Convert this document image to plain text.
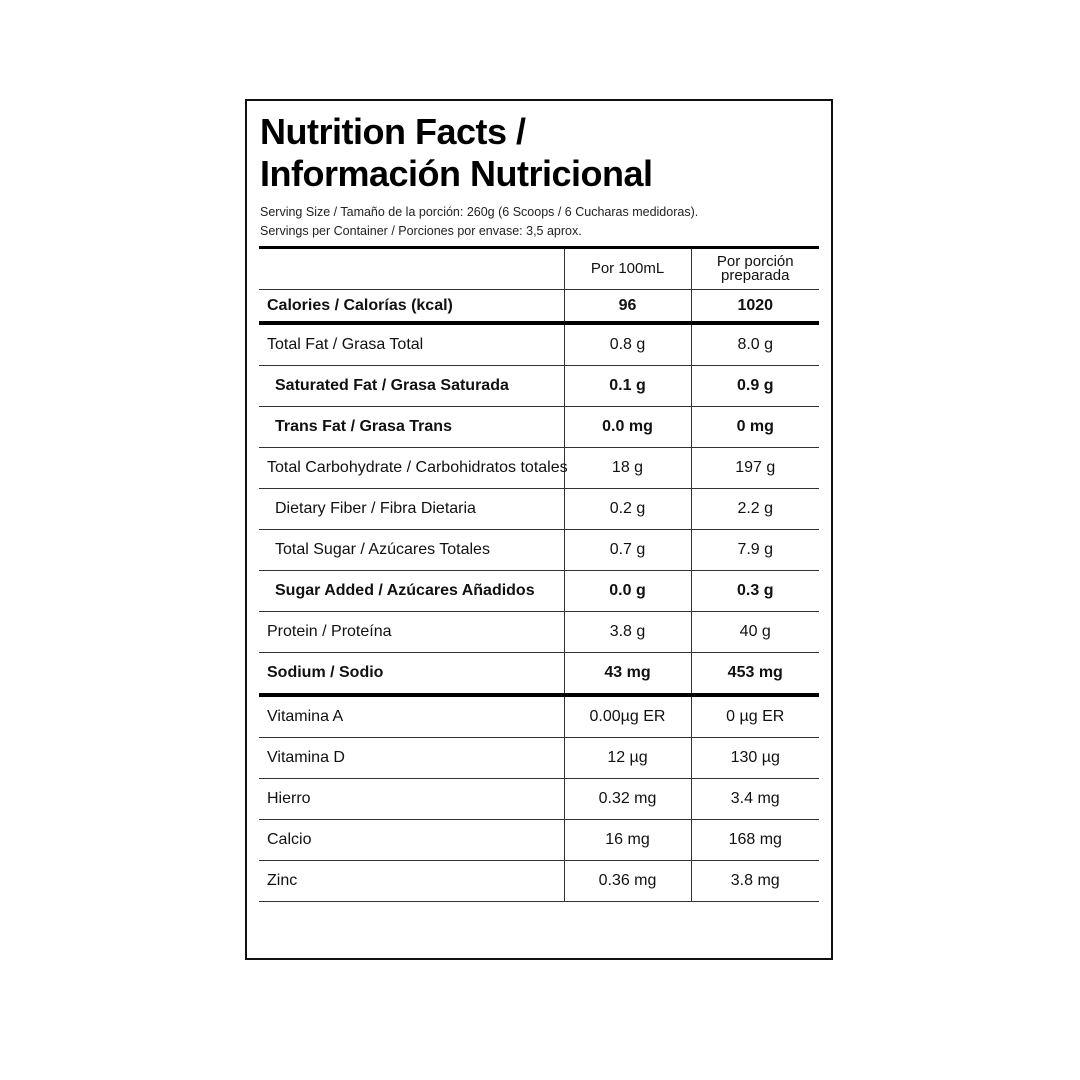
Nutrition Facts /
Información Nutricional
Serving Size / Tamaño de la porción: 260g (6 Scoops / 6 Cucharas medidoras).
Servings per Container / Porciones por envase: 3,5 aprox.
	Por 100mL	Por porción preparada
Calories / Calorías (kcal)	96	1020
Total Fat / Grasa Total	0.8 g	8.0 g
Saturated Fat / Grasa Saturada	0.1 g	0.9 g
Trans Fat / Grasa Trans	0.0 mg	0 mg
Total Carbohydrate / Carbohidratos totales	18 g	197 g
Dietary Fiber / Fibra Dietaria	0.2 g	2.2 g
Total Sugar / Azúcares Totales	0.7 g	7.9 g
Sugar Added / Azúcares Añadidos	0.0 g	0.3 g
Protein / Proteína	3.8 g	40 g
Sodium / Sodio	43 mg	453 mg
Vitamina A	0.00µg ER	0 µg ER
Vitamina D	12 µg	130 µg
Hierro	0.32 mg	3.4 mg
Calcio	16 mg	168 mg
Zinc	0.36 mg	3.8 mg
